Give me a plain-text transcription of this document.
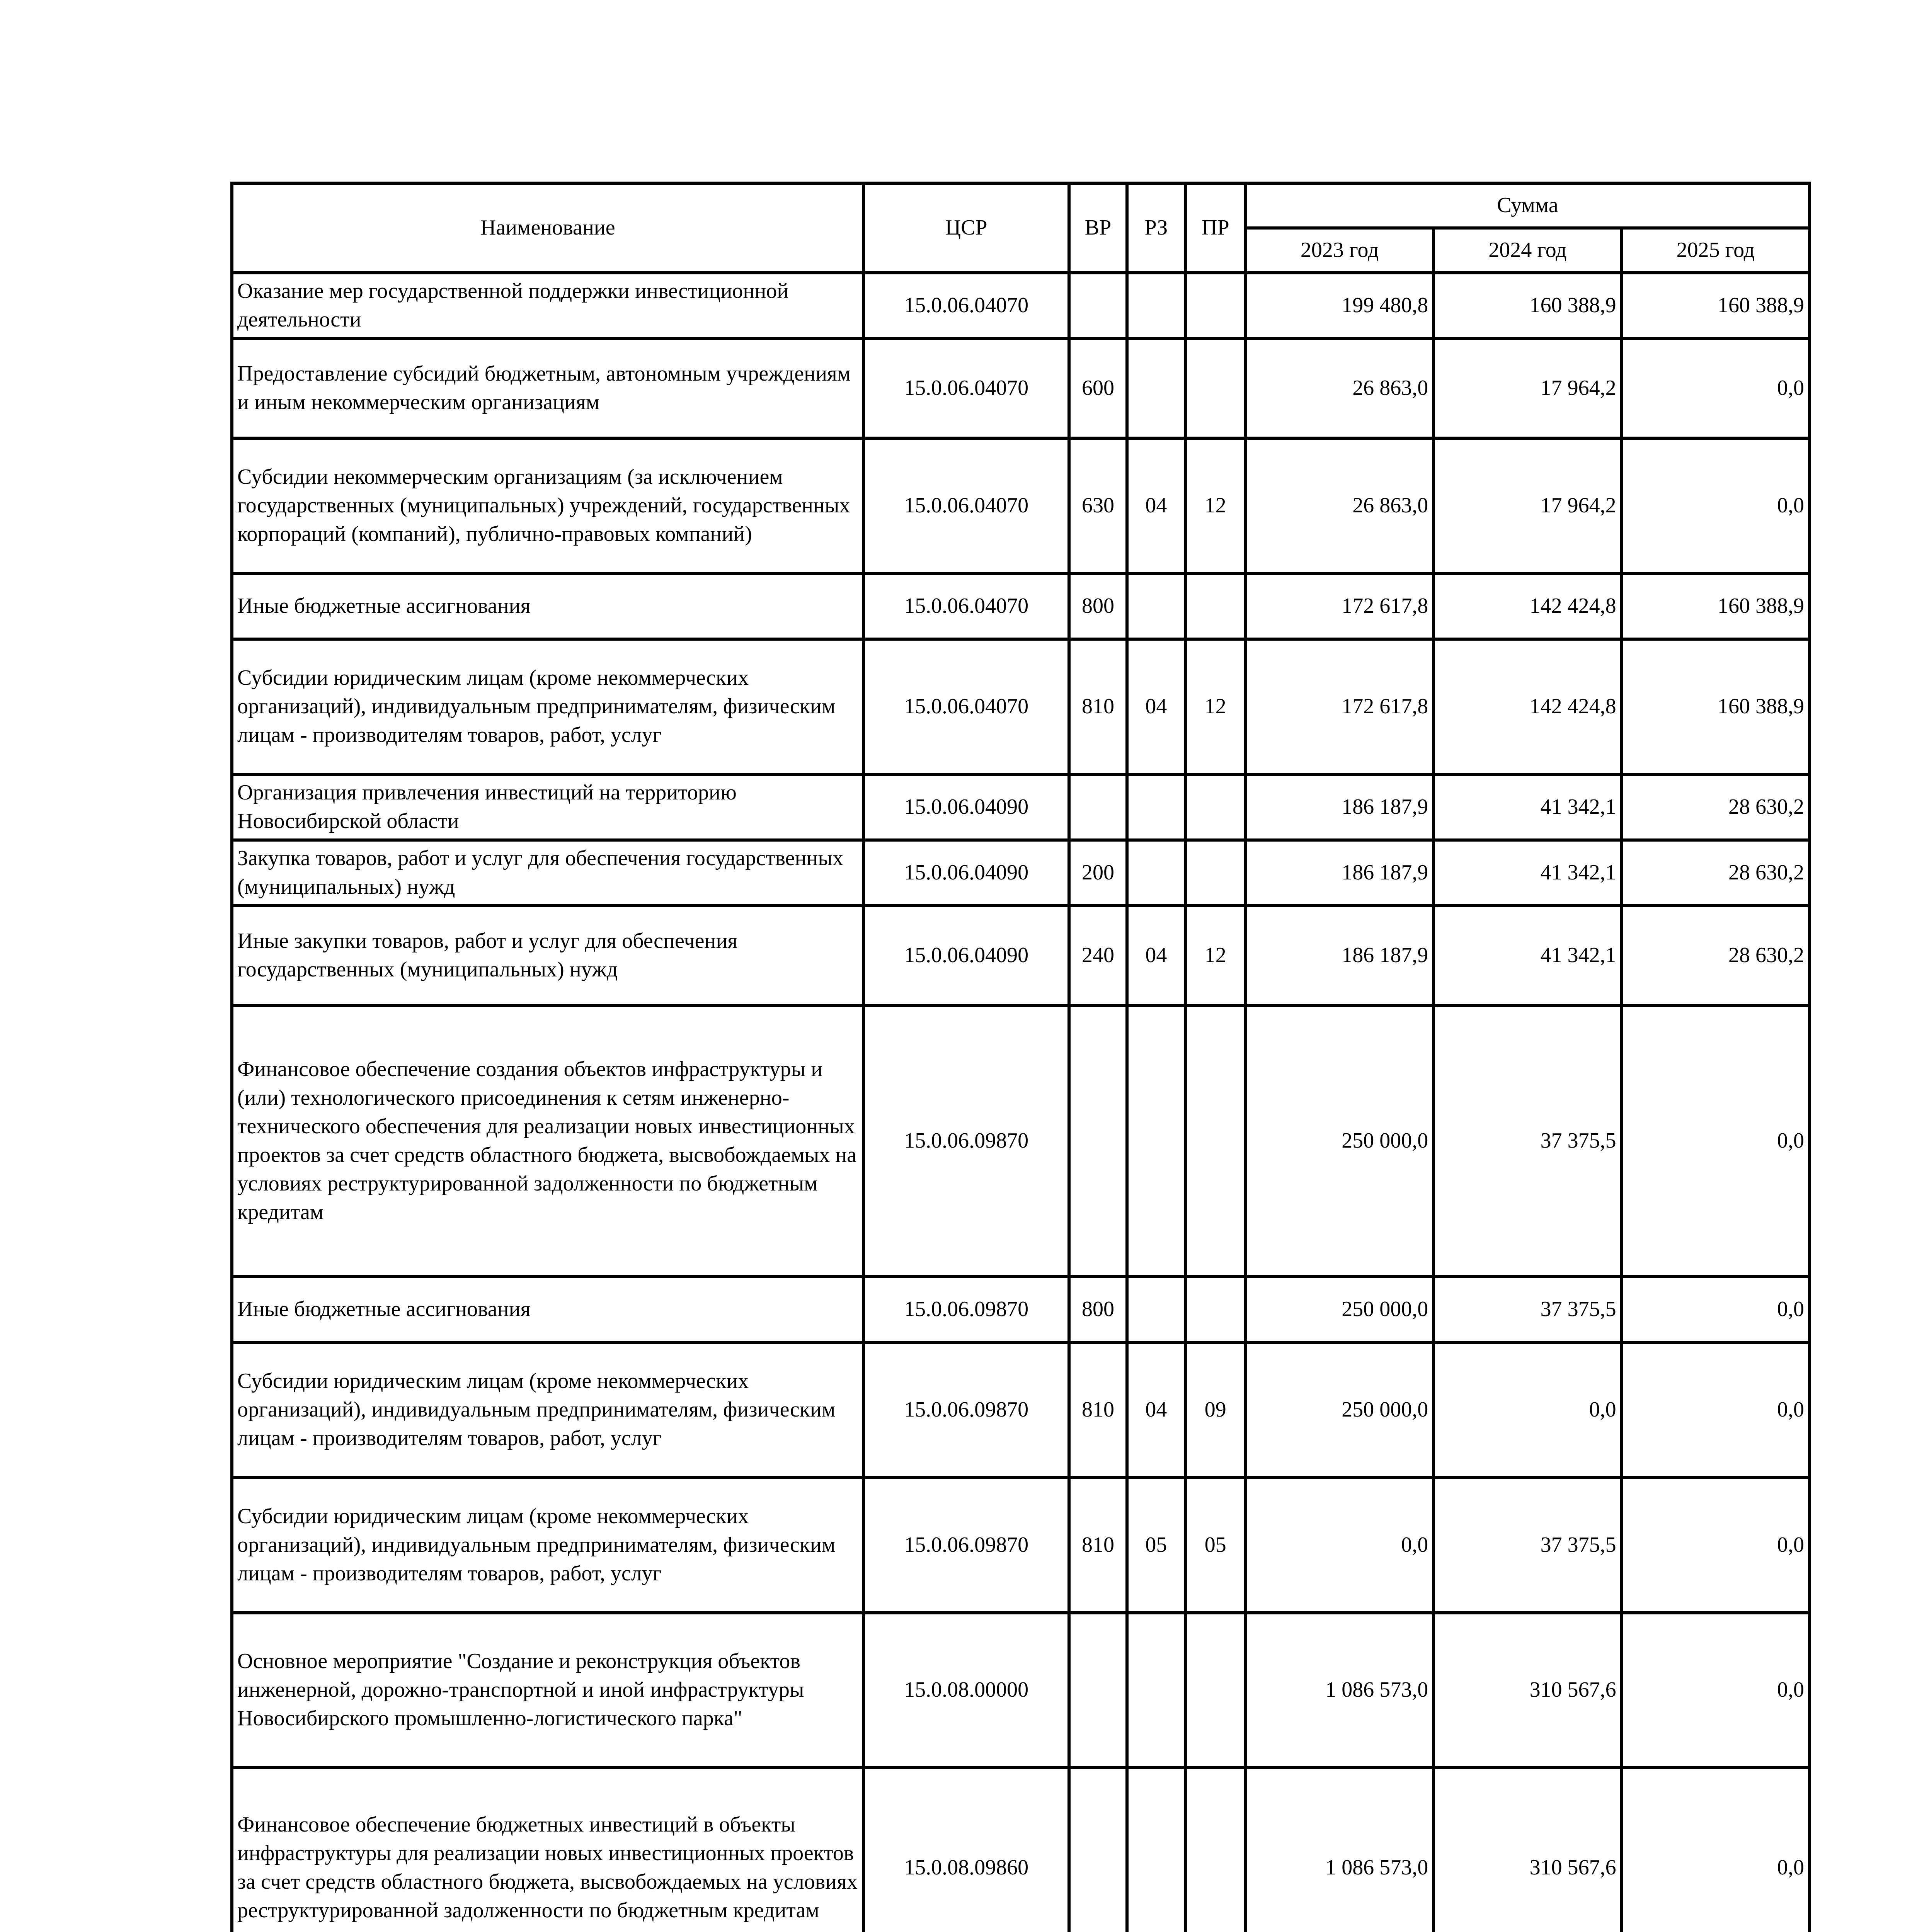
Наименование	ЦСР	ВР	РЗ	ПР	Сумма		
					2023 год	2024 год	2025 год
Оказание мер государственной поддержки инвестиционной деятельности	15.0.06.04070				199 480,8	160 388,9	160 388,9
Предоставление субсидий бюджетным, автономным учреждениям и иным некоммерческим организациям	15.0.06.04070	600			26 863,0	17 964,2	0,0
Субсидии некоммерческим организациям (за исключением государственных (муниципальных) учреждений, государственных корпораций (компаний), публично-правовых компаний)	15.0.06.04070	630	04	12	26 863,0	17 964,2	0,0
Иные бюджетные ассигнования	15.0.06.04070	800			172 617,8	142 424,8	160 388,9
Субсидии юридическим лицам (кроме некоммерческих организаций), индивидуальным предпринимателям, физическим лицам - производителям товаров, работ, услуг	15.0.06.04070	810	04	12	172 617,8	142 424,8	160 388,9
Организация привлечения инвестиций на территорию Новосибирской области	15.0.06.04090				186 187,9	41 342,1	28 630,2
Закупка товаров, работ и услуг для обеспечения государственных (муниципальных) нужд	15.0.06.04090	200			186 187,9	41 342,1	28 630,2
Иные закупки товаров, работ и услуг для обеспечения государственных (муниципальных) нужд	15.0.06.04090	240	04	12	186 187,9	41 342,1	28 630,2
Финансовое обеспечение создания объектов инфраструктуры и (или) технологического присоединения к сетям инженерно-технического обеспечения для реализации новых инвестиционных проектов за счет средств областного бюджета, высвобождаемых на условиях реструктурированной задолженности по бюджетным кредитам	15.0.06.09870				250 000,0	37 375,5	0,0
Иные бюджетные ассигнования	15.0.06.09870	800			250 000,0	37 375,5	0,0
Субсидии юридическим лицам (кроме некоммерческих организаций), индивидуальным предпринимателям, физическим лицам - производителям товаров, работ, услуг	15.0.06.09870	810	04	09	250 000,0	0,0	0,0
Субсидии юридическим лицам (кроме некоммерческих организаций), индивидуальным предпринимателям, физическим лицам - производителям товаров, работ, услуг	15.0.06.09870	810	05	05	0,0	37 375,5	0,0
Основное мероприятие "Создание и реконструкция объектов инженерной, дорожно-транспортной и иной инфраструктуры Новосибирского промышленно-логистического парка"	15.0.08.00000				1 086 573,0	310 567,6	0,0
Финансовое обеспечение бюджетных инвестиций в объекты инфраструктуры для реализации новых инвестиционных проектов за счет средств областного бюджета, высвобождаемых на условиях реструктурированной задолженности по бюджетным кредитам	15.0.08.09860				1 086 573,0	310 567,6	0,0
